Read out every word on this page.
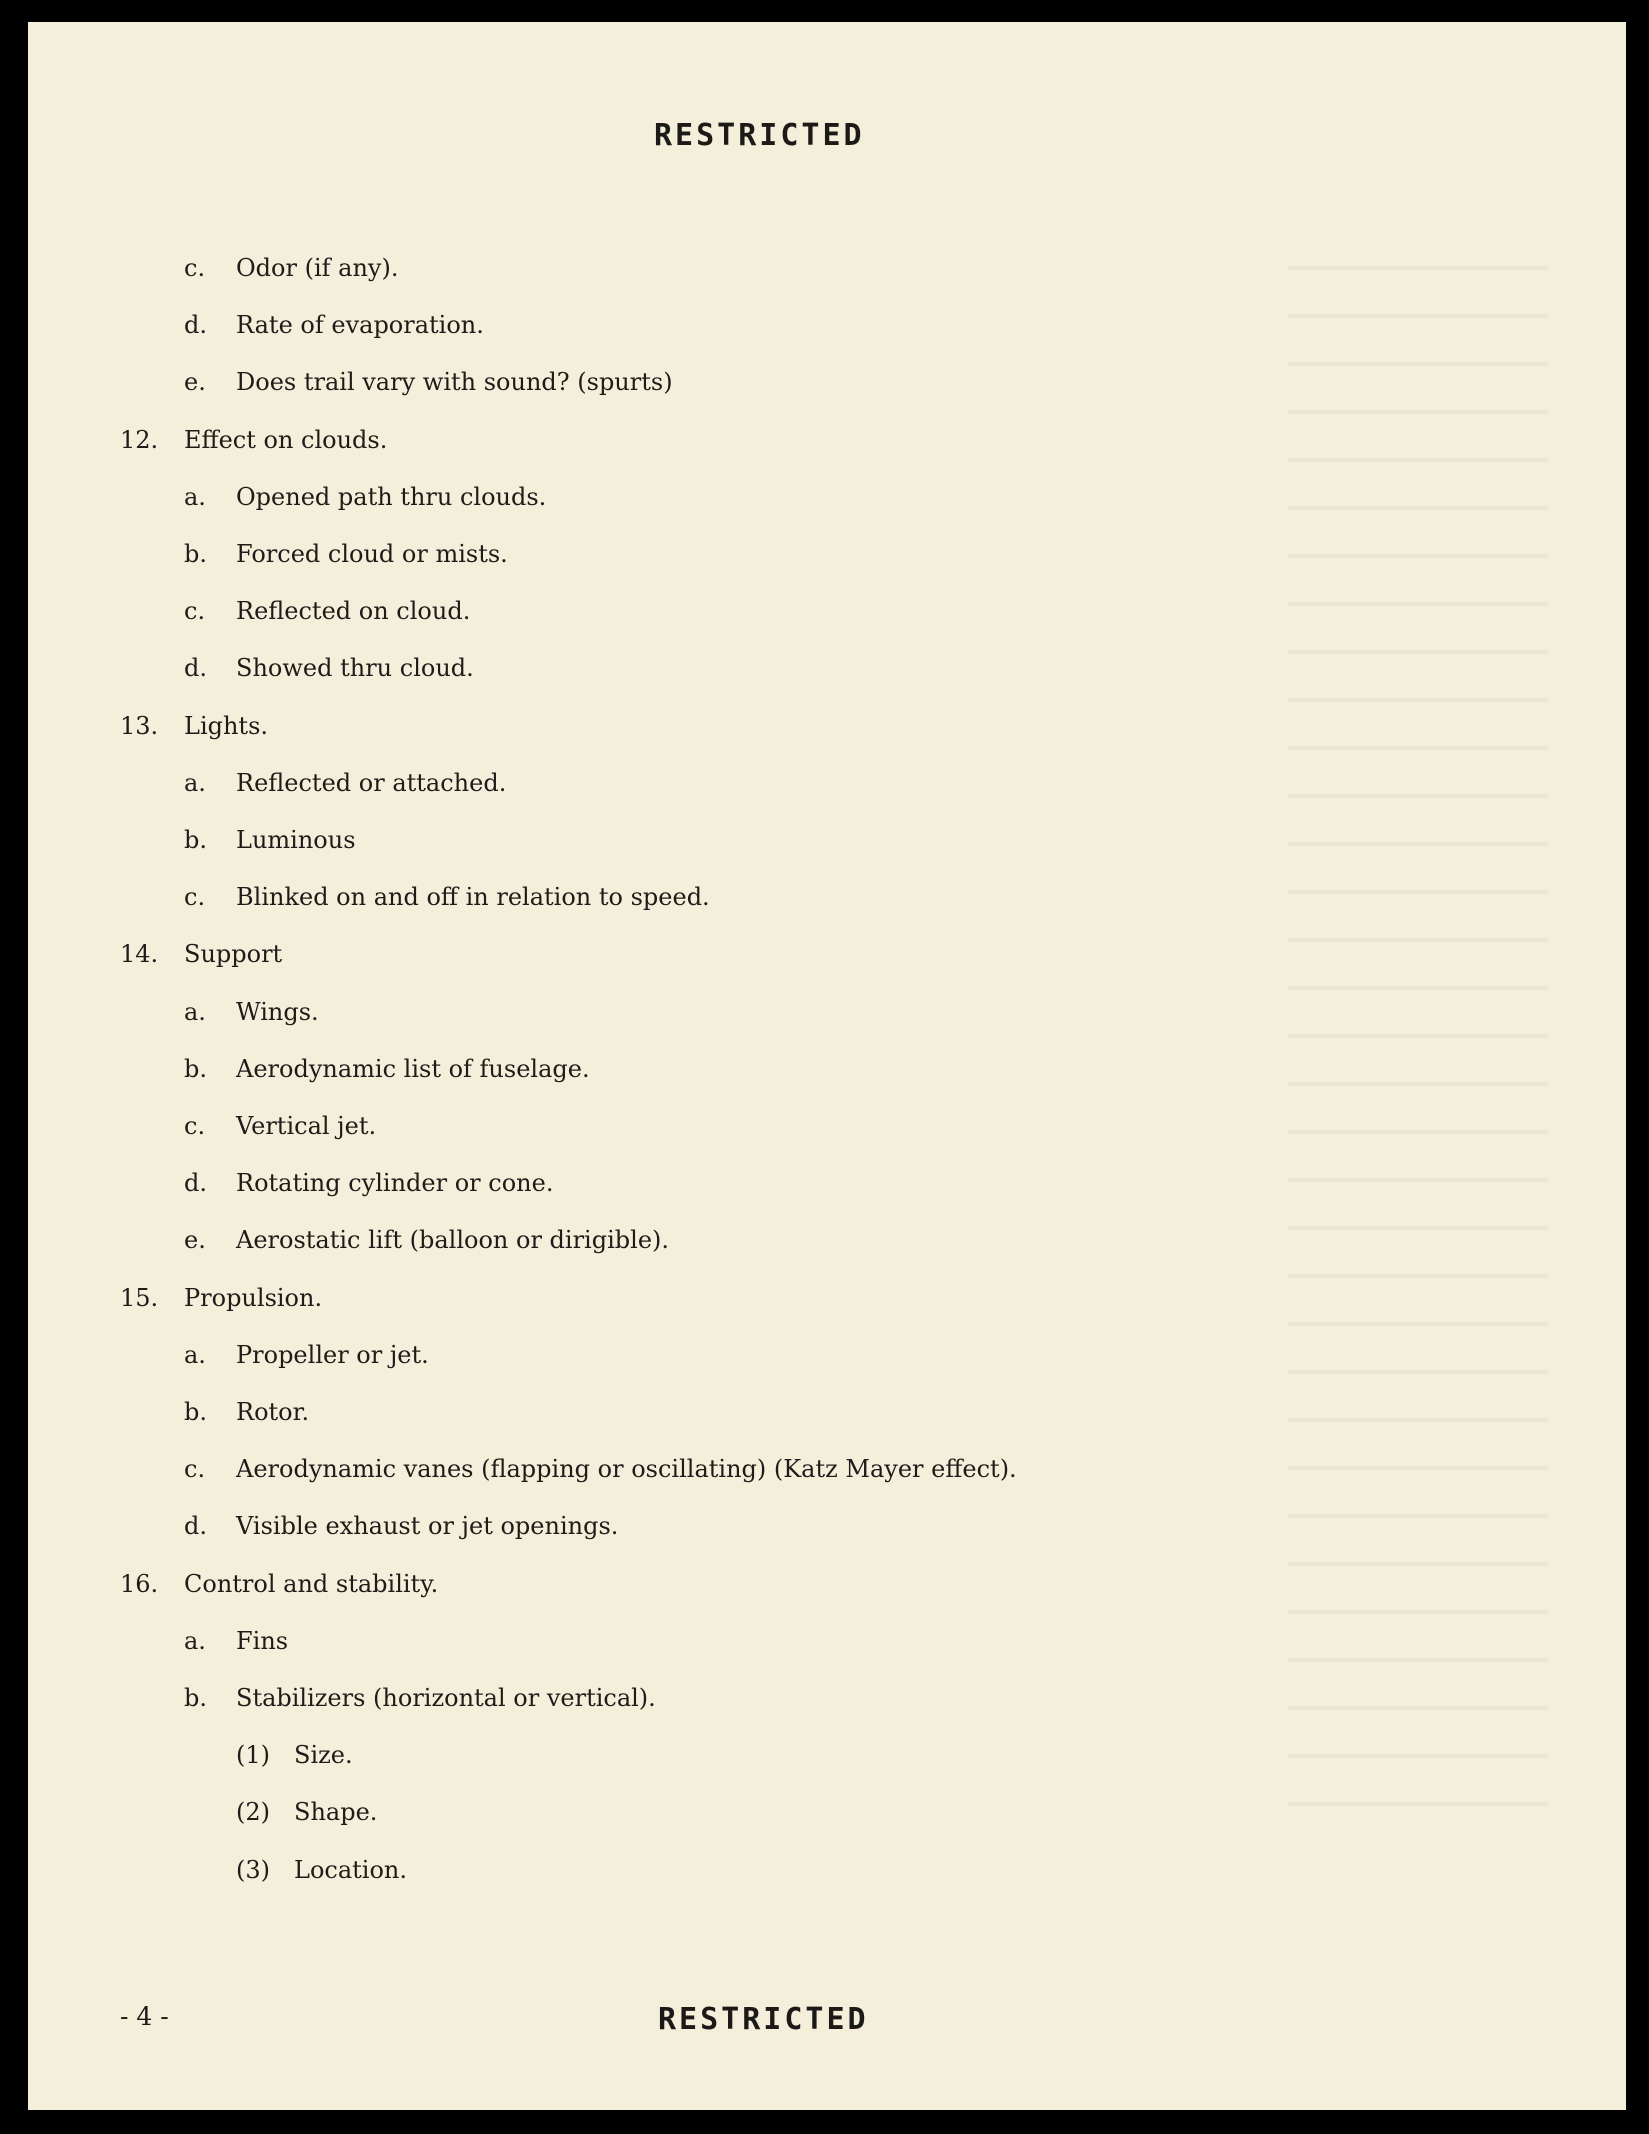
RESTRICTED
c. Odor (if any).
d. Rate of evaporation.
e. Does trail vary with sound? (spurts)
12. Effect on clouds.
a. Opened path thru clouds.
b. Forced cloud or mists.
c. Reflected on cloud.
d. Showed thru cloud.
13. Lights.
a. Reflected or attached.
b. Luminous
c. Blinked on and off in relation to speed.
14. Support
a. Wings.
b. Aerodynamic list of fuselage.
c. Vertical jet.
d. Rotating cylinder or cone.
e. Aerostatic lift (balloon or dirigible).
15. Propulsion.
a. Propeller or jet.
b. Rotor.
c. Aerodynamic vanes (flapping or oscillating) (Katz Mayer effect).
d. Visible exhaust or jet openings.
16. Control and stability.
a. Fins
b. Stabilizers (horizontal or vertical).
(1) Size.
(2) Shape.
(3) Location.
- 4 -	RESTRICTED
